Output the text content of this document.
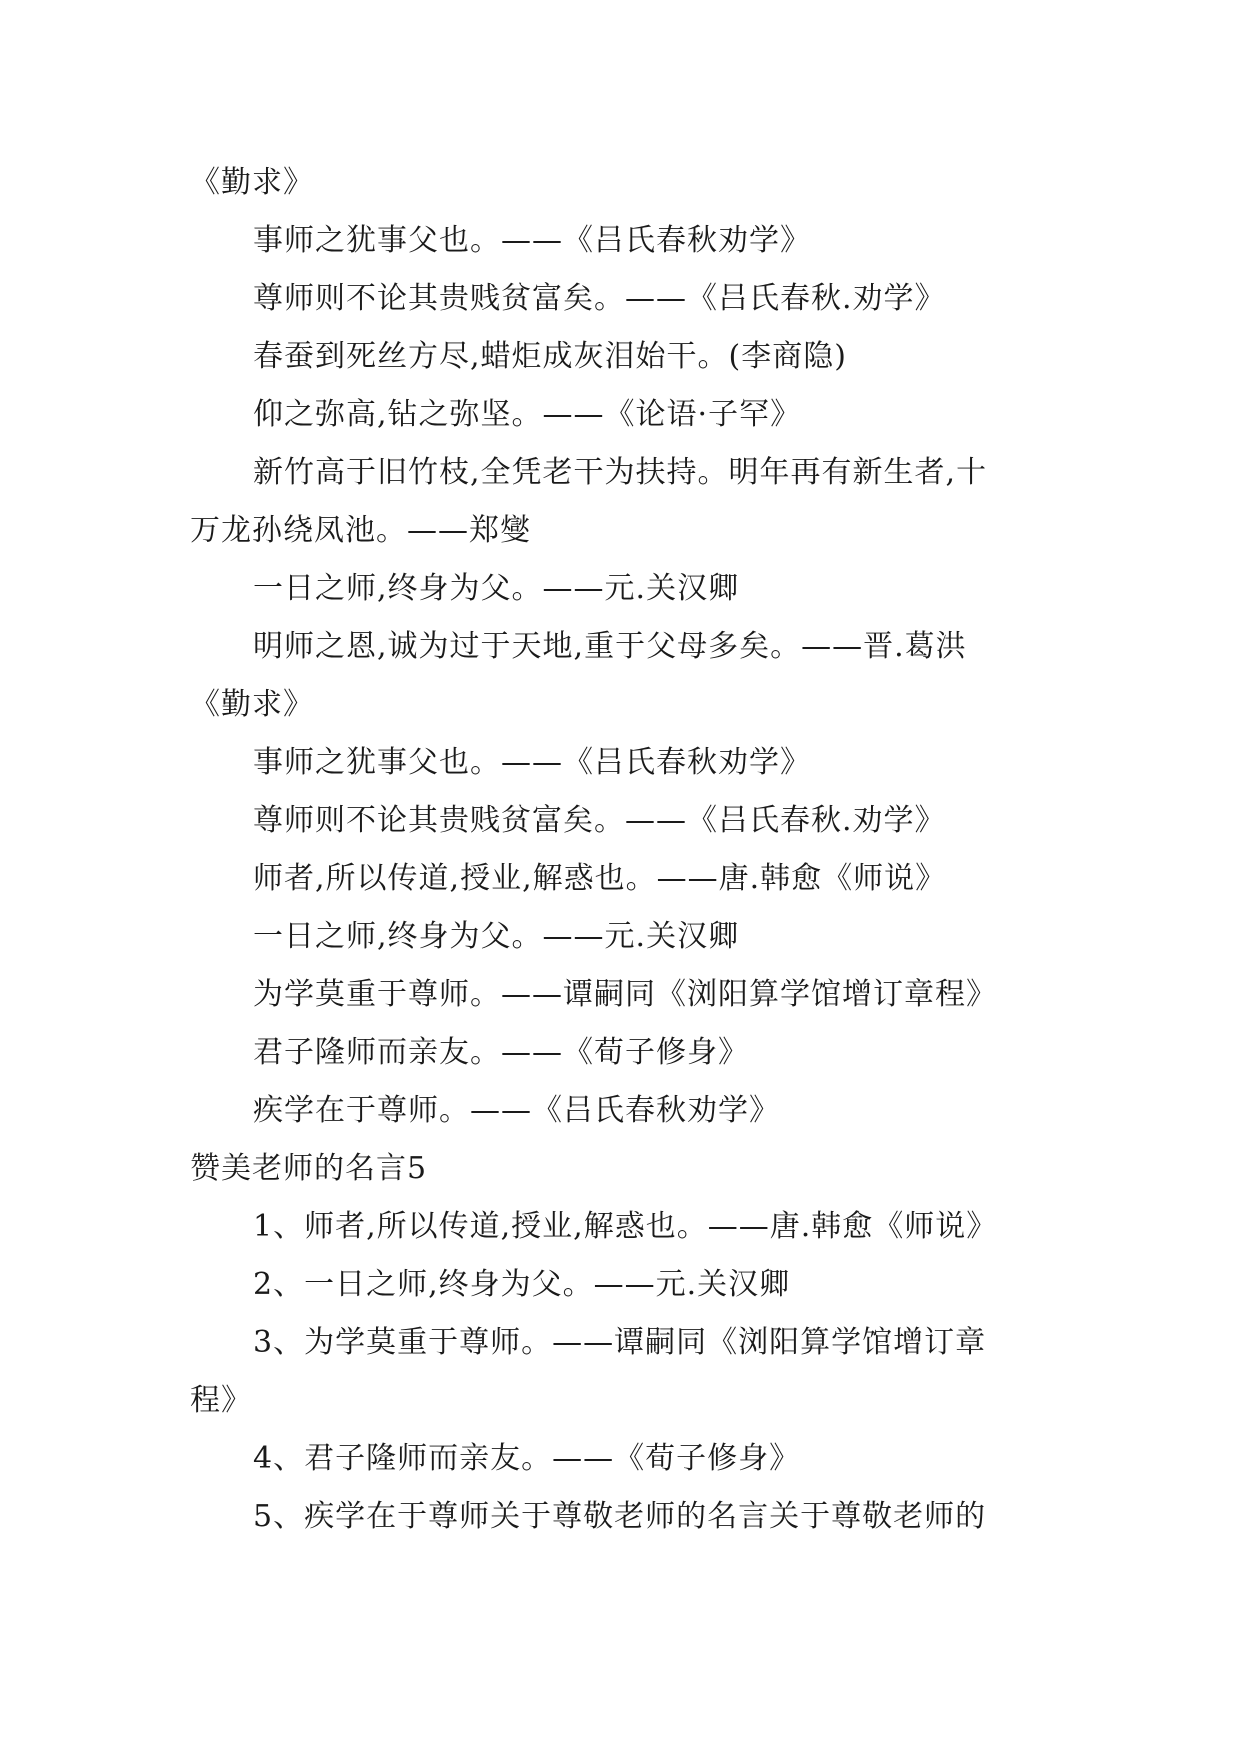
《勤求》
事师之犹事父也。——《吕氏春秋劝学》
尊师则不论其贵贱贫富矣。——《吕氏春秋.劝学》
春蚕到死丝方尽,蜡炬成灰泪始干。(李商隐)
仰之弥高,钻之弥坚。——《论语·子罕》
新竹高于旧竹枝,全凭老干为扶持。明年再有新生者,十
万龙孙绕凤池。——郑燮
一日之师,终身为父。——元.关汉卿
明师之恩,诚为过于天地,重于父母多矣。——晋.葛洪
《勤求》
事师之犹事父也。——《吕氏春秋劝学》
尊师则不论其贵贱贫富矣。——《吕氏春秋.劝学》
师者,所以传道,授业,解惑也。——唐.韩愈《师说》
一日之师,终身为父。——元.关汉卿
为学莫重于尊师。——谭嗣同《浏阳算学馆增订章程》
君子隆师而亲友。——《荀子修身》
疾学在于尊师。——《吕氏春秋劝学》
赞美老师的名言5
1、师者,所以传道,授业,解惑也。——唐.韩愈《师说》
2、一日之师,终身为父。——元.关汉卿
3、为学莫重于尊师。——谭嗣同《浏阳算学馆增订章
程》
4、君子隆师而亲友。——《荀子修身》
5、疾学在于尊师关于尊敬老师的名言关于尊敬老师的
